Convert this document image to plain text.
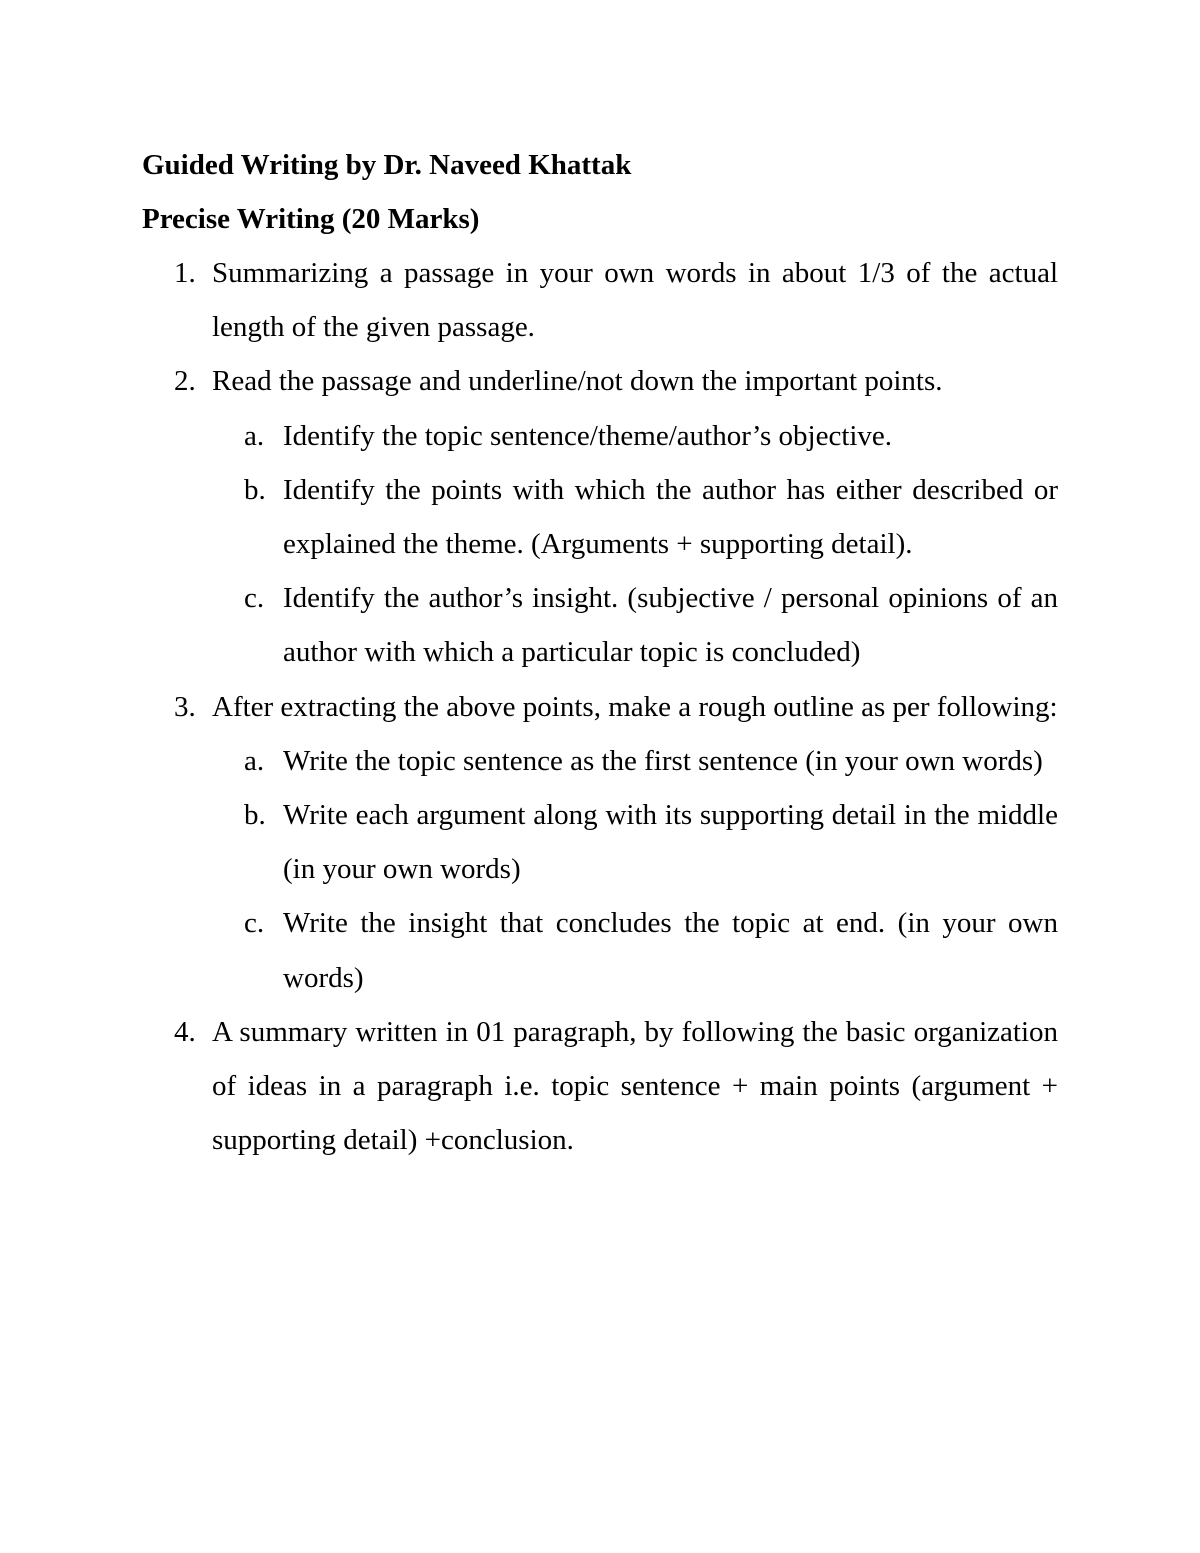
Guided Writing by Dr. Naveed Khattak

Precise Writing (20 Marks)

1. Summarizing a passage in your own words in about 1/3 of the actual length of the given passage.
2. Read the passage and underline/not down the important points.
a. Identify the topic sentence/theme/author’s objective.
b. Identify the points with which the author has either described or explained the theme. (Arguments + supporting detail).
c. Identify the author’s insight. (subjective / personal opinions of an author with which a particular topic is concluded)
3. After extracting the above points, make a rough outline as per following:
a. Write the topic sentence as the first sentence (in your own words)
b. Write each argument along with its supporting detail in the middle (in your own words)
c. Write the insight that concludes the topic at end. (in your own words)
4. A summary written in 01 paragraph, by following the basic organization of ideas in a paragraph i.e. topic sentence + main points (argument + supporting detail) +conclusion.
